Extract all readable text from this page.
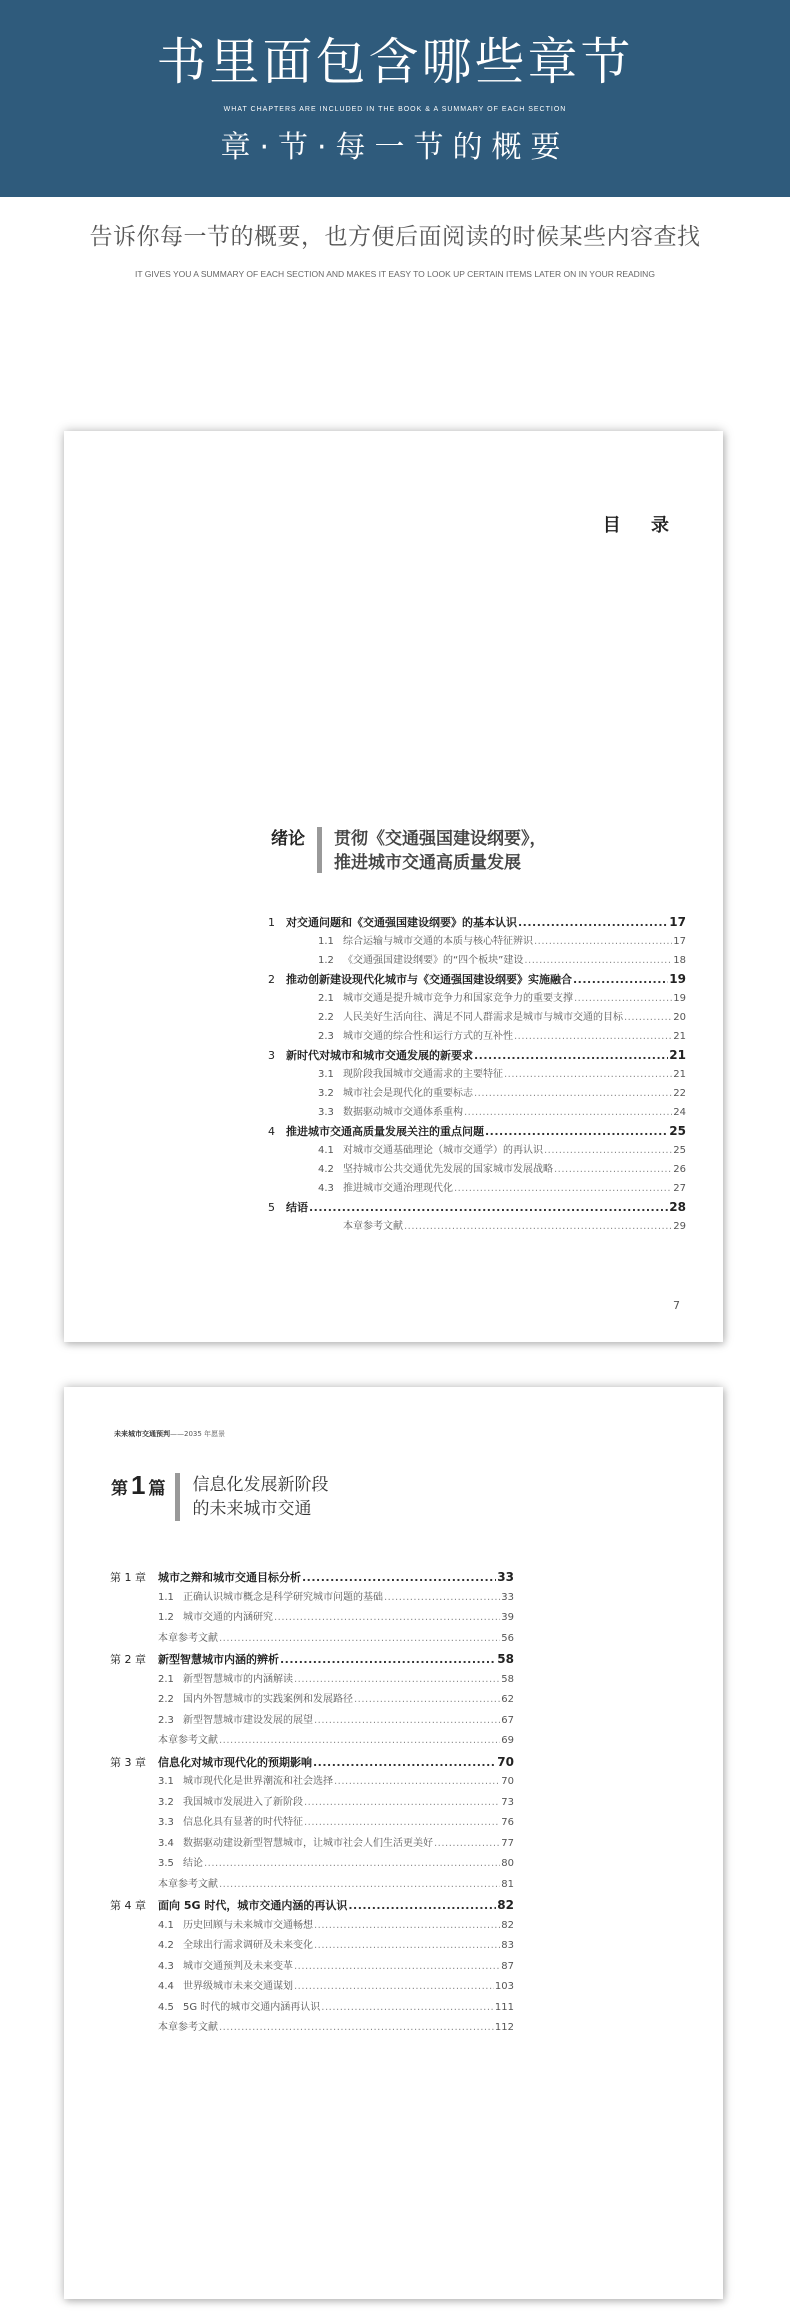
书里面包含哪些章节
WHAT CHAPTERS ARE INCLUDED IN THE BOOK & A SUMMARY OF EACH SECTION
章·节·每一节的概要
告诉你每一节的概要，也方便后面阅读的时候某些内容查找
IT GIVES YOU A SUMMARY OF EACH SECTION AND MAKES IT EASY TO LOOK UP CERTAIN ITEMS LATER ON IN YOUR READING
目 录
绪论 贯彻《交通强国建设纲要》，
推进城市交通高质量发展
1	对交通问题和《交通强国建设纲要》的基本认识 .....	17
1.1 综合运输与城市交通的本质与核心特征辨识 .....	17
1.2 《交通强国建设纲要》的“四个板块”建设 .....	18
2	推动创新建设现代化城市与《交通强国建设纲要》实施融合 .....	19
2.1 城市交通是提升城市竞争力和国家竞争力的重要支撑 .....	19
2.2 人民美好生活向往、满足不同人群需求是城市与城市交通的目标 .....	20
2.3 城市交通的综合性和运行方式的互补性 .....	21
3	新时代对城市和城市交通发展的新要求 .....	21
3.1 现阶段我国城市交通需求的主要特征 .....	21
3.2 城市社会是现代化的重要标志 .....	22
3.3 数据驱动城市交通体系重构 .....	24
4	推进城市交通高质量发展关注的重点问题 .....	25
4.1 对城市交通基础理论（城市交通学）的再认识 .....	25
4.2 坚持城市公共交通优先发展的国家城市发展战略 .....	26
4.3 推进城市交通治理现代化 .....	27
5	结语 .....	28
本章参考文献 .....	29
7
未来城市交通预判——2035 年愿景
第 1 篇 信息化发展新阶段
的未来城市交通
第 1 章	城市之辩和城市交通目标分析 .....	33
1.1 正确认识城市概念是科学研究城市问题的基础 .....	33
1.2 城市交通的内涵研究 .....	39
本章参考文献 .....	56
第 2 章	新型智慧城市内涵的辨析 .....	58
2.1 新型智慧城市的内涵解读 .....	58
2.2 国内外智慧城市的实践案例和发展路径 .....	62
2.3 新型智慧城市建设发展的展望 .....	67
本章参考文献 .....	69
第 3 章	信息化对城市现代化的预期影响 .....	70
3.1 城市现代化是世界潮流和社会选择 .....	70
3.2 我国城市发展进入了新阶段 .....	73
3.3 信息化具有显著的时代特征 .....	76
3.4 数据驱动建设新型智慧城市，让城市社会人们生活更美好 .....	77
3.5 结论 .....	80
本章参考文献 .....	81
第 4 章	面向 5G 时代，城市交通内涵的再认识 .....	82
4.1 历史回顾与未来城市交通畅想 .....	82
4.2 全球出行需求调研及未来变化 .....	83
4.3 城市交通预判及未来变革 .....	87
4.4 世界级城市未来交通谋划 .....	103
4.5 5G 时代的城市交通内涵再认识 .....	111
本章参考文献 .....	112
